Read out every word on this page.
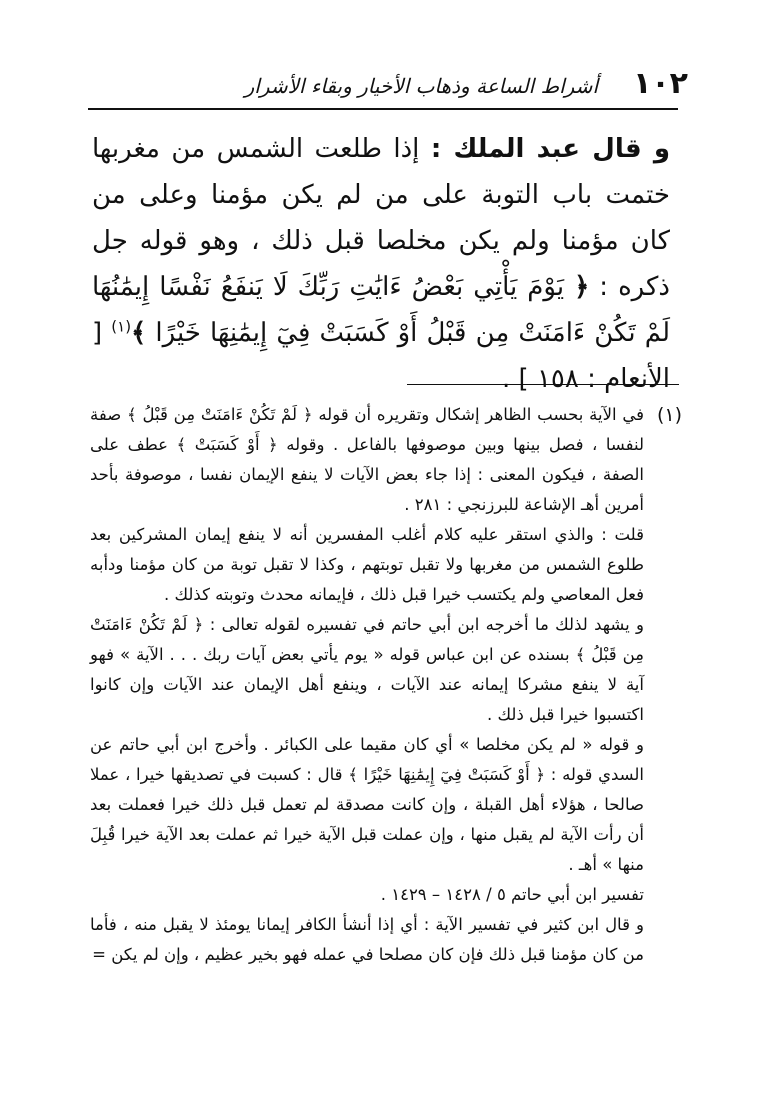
١٠٢
أشراط الساعة وذهاب الأخيار وبقاء الأشرار

و قال عبد الملك : إذا طلعت الشمس من مغربها ختمت باب التوبة على من لم يكن مؤمنا وعلى من كان مؤمنا ولم يكن مخلصا قبل ذلك ، وهو قوله جل ذكره : ﴿ يَوْمَ يَأْتِي بَعْضُ ءَايَٰتِ رَبِّكَ لَا يَنفَعُ نَفْسًا إِيمَٰنُهَا لَمْ تَكُنْ ءَامَنَتْ مِن قَبْلُ أَوْ كَسَبَتْ فِيٓ إِيمَٰنِهَا خَيْرًا ﴾$^{(١)}$ [ الأنعام : ١٥٨ ] .

(١)
في الآية بحسب الظاهر إشكال وتقريره أن قوله ﴿ لَمْ تَكُنْ ءَامَنَتْ مِن قَبْلُ ﴾ صفة لنفسا ، فصل بينها وبين موصوفها بالفاعل . وقوله ﴿ أَوْ كَسَبَتْ ﴾ عطف على الصفة ، فيكون المعنى : إذا جاء بعض الآيات لا ينفع الإيمان نفسا ، موصوفة بأحد أمرين أهـ الإشاعة للبرزنجي : ٢٨١ .

قلت : والذي استقر عليه كلام أغلب المفسرين أنه لا ينفع إيمان المشركين بعد طلوع الشمس من مغربها ولا تقبل توبتهم ، وكذا لا تقبل توبة من كان مؤمنا ودأبه فعل المعاصي ولم يكتسب خيرا قبل ذلك ، فإيمانه محدث وتوبته كذلك .

و يشهد لذلك ما أخرجه ابن أبي حاتم في تفسيره لقوله تعالى : ﴿ لَمْ تَكُنْ ءَامَنَتْ مِن قَبْلُ ﴾ بسنده عن ابن عباس قوله « يوم يأتي بعض آيات ربك . . . الآية » فهو آية لا ينفع مشركا إيمانه عند الآيات ، وينفع أهل الإيمان عند الآيات وإن كانوا اكتسبوا خيرا قبل ذلك .

و قوله « لم يكن مخلصا » أي كان مقيما على الكبائر . وأخرج ابن أبي حاتم عن السدي قوله : ﴿ أَوْ كَسَبَتْ فِيٓ إِيمَٰنِهَا خَيْرًا ﴾ قال : كسبت في تصديقها خيرا ، عملا صالحا ، هؤلاء أهل القبلة ، وإن كانت مصدقة لم تعمل قبل ذلك خيرا فعملت بعد أن رأت الآية لم يقبل منها ، وإن عملت قبل الآية خيرا ثم عملت بعد الآية خيرا قُبِلَ منها » أهـ .

تفسير ابن أبي حاتم ٥ / ١٤٢٨ – ١٤٢٩ .

و قال ابن كثير في تفسير الآية : أي إذا أنشأ الكافر إيمانا يومئذ لا يقبل منه ، فأما من كان مؤمنا قبل ذلك فإن كان مصلحا في عمله فهو بخير عظيم ، وإن لم يكن =
